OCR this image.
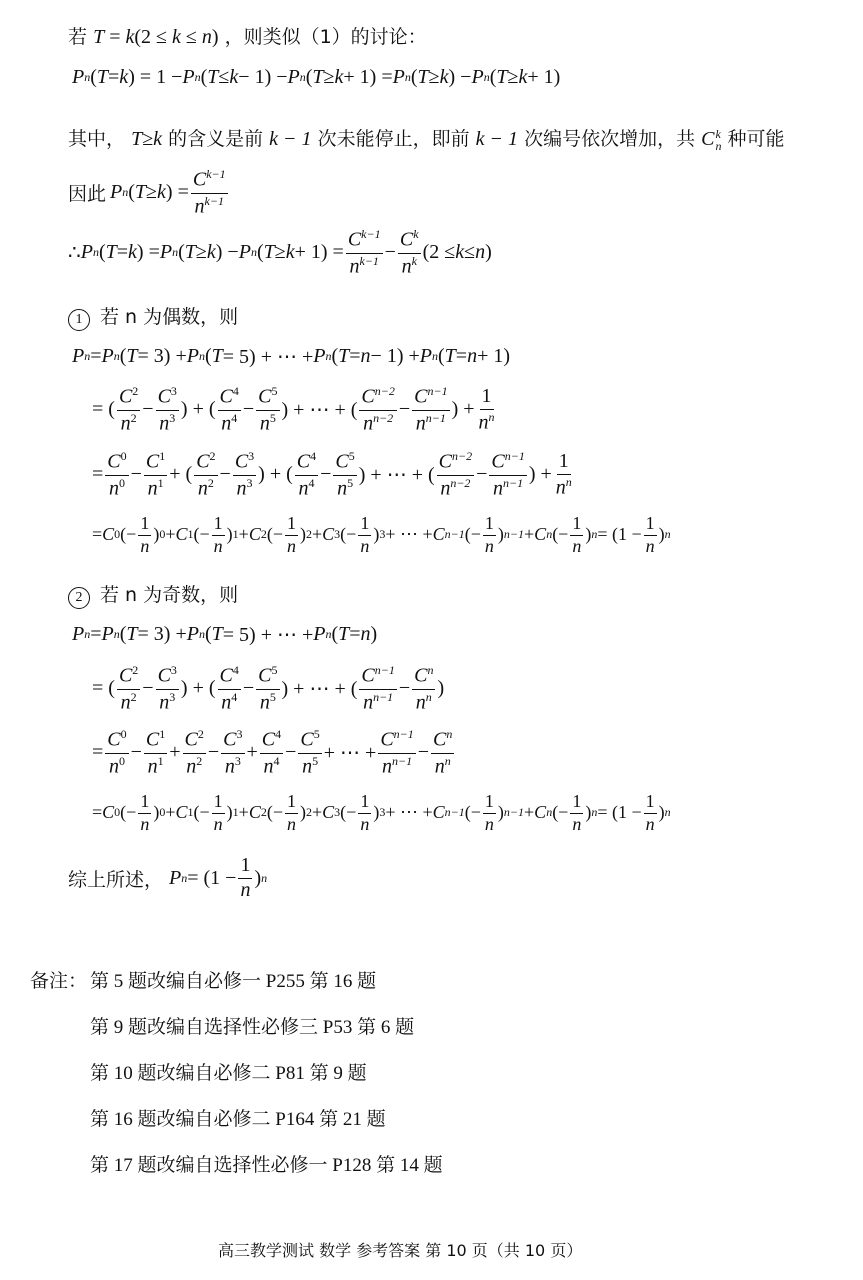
若 T = k(2 ≤ k ≤ n) ，则类似（1）的讨论：
P n ( T = k ) = 1 − P n ( T ≤ k − 1) − P n ( T ≥ k + 1) = P n ( T ≥ k ) − P n ( T ≥ k + 1)
其中， T≥k 的含义是前 k − 1 次未能停止，即前 k − 1 次编号依次增加，共 C k
n 种可能
因此 P n ( T ≥ k ) = $\frac{C^{k-1}}{n^{k-1}}$
∴ P n ( T = k ) = P n ( T ≥ k ) − P n ( $T \ge k + 1) = \frac{C^{k-1}}{n^{k-1}} - \frac{C^k}{n^k} (2 \le k \le n$ )
1 若 n 为偶数，则
P n = P n ( T = 3) + P n ( T = 5) + ⋯ + P n ( T = n − 1) + P n ( T = n + 1)
= ( $\frac{C^2}{n^2} - \frac{C^3}{n^3}$ ) + ( $\frac{C^4}{n^4} - \frac{C^5}{n^5}$ ) + ⋯ + ( $\frac{C^{n-2}}{n^{n-2}} - \frac{C^{n-1}}{n^{n-1}}$ ) + $\frac{1}{n^n}$
= $\frac{C^0}{n^0} - \frac{C^1}{n^1}$ + ( $\frac{C^2}{n^2} - \frac{C^3}{n^3}$ ) + ( $\frac{C^4}{n^4} - \frac{C^5}{n^5}$ ) + ⋯ + ( $\frac{C^{n-2}}{n^{n-2}} - \frac{C^{n-1}}{n^{n-1}}$ ) + $\frac{1}{n^n}$
= C 0 (− $\frac{1}{n}$ ) 0 + C 1 (− $\frac{1}{n}$ ) 1 + C 2 (− $\frac{1}{n}$ ) 2 + C 3 (− $\frac{1}{n}$ ) 3 + ⋯ + C n−1 (− $\frac{1}{n}$ ) n−1 + C n (− $\frac{1}{n}$ ) $n = (1 - \frac{1}{n}$ ) n
2 若 n 为奇数，则
P n = P n ( T = 3) + P n ( T = 5) + ⋯ + P n ( T = n )
= ( $\frac{C^2}{n^2} - \frac{C^3}{n^3}$ ) + ( $\frac{C^4}{n^4} - \frac{C^5}{n^5}$ ) + ⋯ + ( $\frac{C^{n-1}}{n^{n-1}} - \frac{C^n}{n^n}$ )
= $\frac{C^0}{n^0} - \frac{C^1}{n^1} + \frac{C^2}{n^2} - \frac{C^3}{n^3} + \frac{C^4}{n^4} - \frac{C^5}{n^5}$ + ⋯ + $\frac{C^{n-1}}{n^{n-1}} - \frac{C^n}{n^n}$
= C 0 (− $\frac{1}{n}$ ) 0 + C 1 (− $\frac{1}{n}$ ) 1 + C 2 (− $\frac{1}{n}$ ) 2 + C 3 (− $\frac{1}{n}$ ) 3 + ⋯ + C n−1 (− $\frac{1}{n}$ ) n−1 + C n (− $\frac{1}{n}$ ) $n = (1 - \frac{1}{n}$ ) n
综上所述， P $n = (1 - \frac{1}{n}$ ) n
备注： 第 5 题改编自必修一 P255 第 16 题
第 9 题改编自选择性必修三 P53 第 6 题
第 10 题改编自必修二 P81 第 9 题
第 16 题改编自必修二 P164 第 21 题
第 17 题改编自选择性必修一 P128 第 14 题
高三教学测试 数学 参考答案 第 10 页（共 10 页）
